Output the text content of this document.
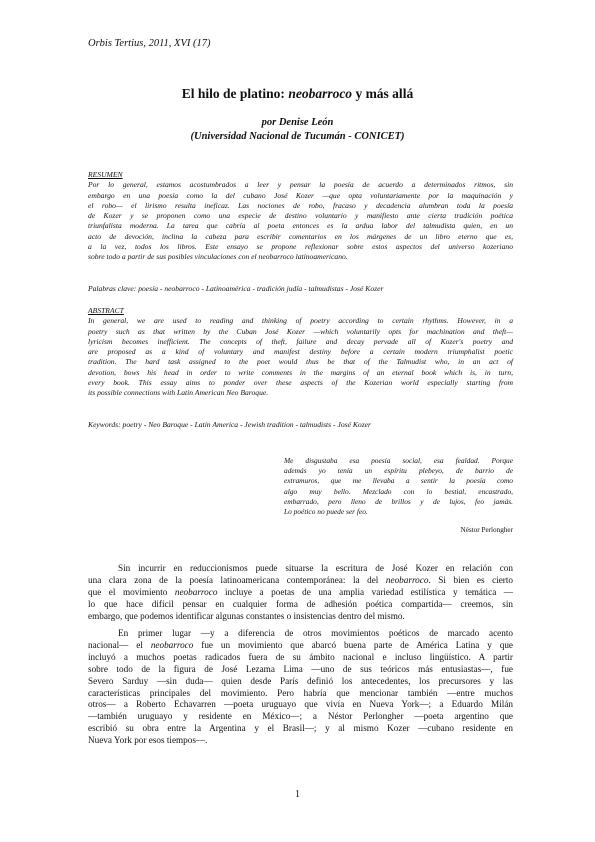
Orbis Tertius, 2011, XVI (17)
El hilo de platino: neobarroco y más allá
por Denise León
(Universidad Nacional de Tucumán - CONICET)
RESUMEN
Por lo general, estamos acostumbrados a leer y pensar la poesía de acuerdo a determinados ritmos, sin
embargo en una poesía como la del cubano José Kozer —que opta voluntariamente por la maquinación y
el robo— el lirismo resulta ineficaz. Las nociones de robo, fracaso y decadencia alumbran toda la poesía
de Kozer y se proponen como una especie de destino voluntario y manifiesto ante cierta tradición poética
triunfalista moderna. La tarea que cabría al poeta entonces es la ardua labor del talmudista quien, en un
acto de devoción, inclina la cabeza para escribir comentarios en los márgenes de un libro eterno que es,
a la vez, todos los libros. Este ensayo se propone reflexionar sobre estos aspectos del universo kozeriano
sobre todo a partir de sus posibles vinculaciones con el neobarroco latinoamericano.
Palabras clave: poesía - neobarroco - Latinoamérica - tradición judía - talmudistas - José Kozer
ABSTRACT
In general, we are used to reading and thinking of poetry according to certain rhythms. However, in a
poetry such as that written by the Cuban José Kozer —which voluntarily opts for machination and theft—
lyricism becomes inefficient. The concepts of theft, failure and decay pervade all of Kozer's poetry and
are proposed as a kind of voluntary and manifest destiny before a certain modern triumphalist poetic
tradition. The hard task assigned to the poet would thus be that of the Talmudist who, in an act of
devotion, bows his head in order to write comments in the margins of an eternal book which is, in turn,
every book. This essay aims to ponder over these aspects of the Kozerian world especially starting from
its possible connections with Latin American Neo Baroque.
Keywords: poetry - Neo Baroque - Latin America - Jewish tradition - talmudists - José Kozer
Me disgustaba esa poesía social, esa fealdad. Porque
además yo tenía un espíritu plebeyo, de barrio de
extramuros, que me llevaba a sentir la poesía como
algo muy bello. Mezclado con lo bestial, encastrado,
embarrado, pero lleno de brillos y de lujos, feo jamás.
Lo poético no puede ser feo.
Néstor Perlongher
Sin incurrir en reduccionismos puede situarse la escritura de José Kozer en relación con
una clara zona de la poesía latinoamericana contemporánea: la del neobarroco. Si bien es cierto
que el movimiento neobarroco incluye a poetas de una amplia variedad estilística y temática —
lo que hace difícil pensar en cualquier forma de adhesión poética compartida— creemos, sin
embargo, que podemos identificar algunas constantes o insistencias dentro del mismo.
En primer lugar —y a diferencia de otros movimientos poéticos de marcado acento
nacional— el neobarroco fue un movimiento que abarcó buena parte de América Latina y que
incluyó a muchos poetas radicados fuera de su ámbito nacional e incluso lingüístico. A partir
sobre todo de la figura de José Lezama Lima —uno de sus teóricos más entusiastas—, fue
Severo Sarduy —sin duda— quien desde París definió los antecedentes, los precursores y las
características principales del movimiento. Pero habría que mencionar también —entre muchos
otros— a Roberto Echavarren —poeta uruguayo que vivía en Nueva York—; a Eduardo Milán
—también uruguayo y residente en México—; a Néstor Perlongher —poeta argentino que
escribió su obra entre la Argentina y el Brasil—; y al mismo Kozer —cubano residente en
Nueva York por esos tiempos—.
1
